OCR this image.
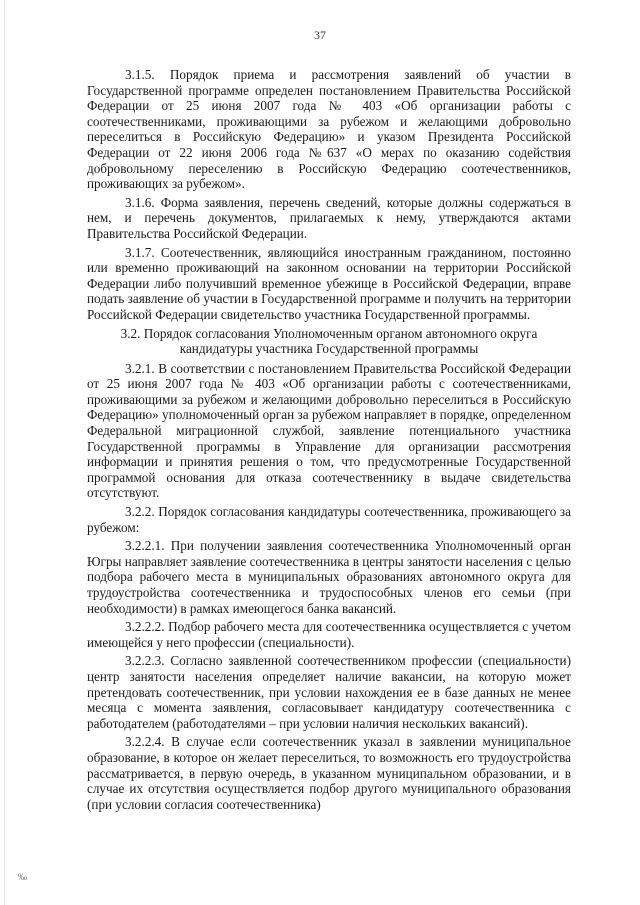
37

3.1.5. Порядок приема и рассмотрения заявлений об участии в Государственной программе определен постановлением Правительства Российской Федерации от 25 июня 2007 года № 403 «Об организации работы с соотечественниками, проживающими за рубежом и желающими добровольно переселиться в Российскую Федерацию» и указом Президента Российской Федерации от 22 июня 2006 года №637 «О мерах по оказанию содействия добровольному переселению в Российскую Федерацию соотечественников, проживающих за рубежом».

3.1.6. Форма заявления, перечень сведений, которые должны содержаться в нем, и перечень документов, прилагаемых к нему, утверждаются актами Правительства Российской Федерации.

3.1.7. Соотечественник, являющийся иностранным гражданином, постоянно или временно проживающий на законном основании на территории Российской Федерации либо получивший временное убежище в Российской Федерации, вправе подать заявление об участии в Государственной программе и получить на территории Российской Федерации свидетельство участника Государственной программы.

3.2. Порядок согласования Уполномоченным органом автономного округа кандидатуры участника Государственной программы

3.2.1. В соответствии с постановлением Правительства Российской Федерации от 25 июня 2007 года № 403 «Об организации работы с соотечественниками, проживающими за рубежом и желающими добровольно переселиться в Российскую Федерацию» уполномоченный орган за рубежом направляет в порядке, определенном Федеральной миграционной службой, заявление потенциального участника Государственной программы в Управление для организации рассмотрения информации и принятия решения о том, что предусмотренные Государственной программой основания для отказа соотечественнику в выдаче свидетельства отсутствуют.

3.2.2. Порядок согласования кандидатуры соотечественника, проживающего за рубежом:

3.2.2.1. При получении заявления соотечественника Уполномоченный орган Югры направляет заявление соотечественника в центры занятости населения с целью подбора рабочего места в муниципальных образованиях автономного округа для трудоустройства соотечественника и трудоспособных членов его семьи (при необходимости) в рамках имеющегося банка вакансий.

3.2.2.2. Подбор рабочего места для соотечественника осуществляется с учетом имеющейся у него профессии (специальности).

3.2.2.3. Согласно заявленной соотечественником профессии (специальности) центр занятости населения определяет наличие вакансии, на которую может претендовать соотечественник, при условии нахождения ее в базе данных не менее месяца с момента заявления, согласовывает кандидатуру соотечественника с работодателем (работодателями – при условии наличия нескольких вакансий).

3.2.2.4. В случае если соотечественник указал в заявлении муниципальное образование, в которое он желает переселиться, то возможность его трудоустройства рассматривается, в первую очередь, в указанном муниципальном образовании, и в случае их отсутствия осуществляется подбор другого муниципального образования (при условии согласия соотечественника)

‰
